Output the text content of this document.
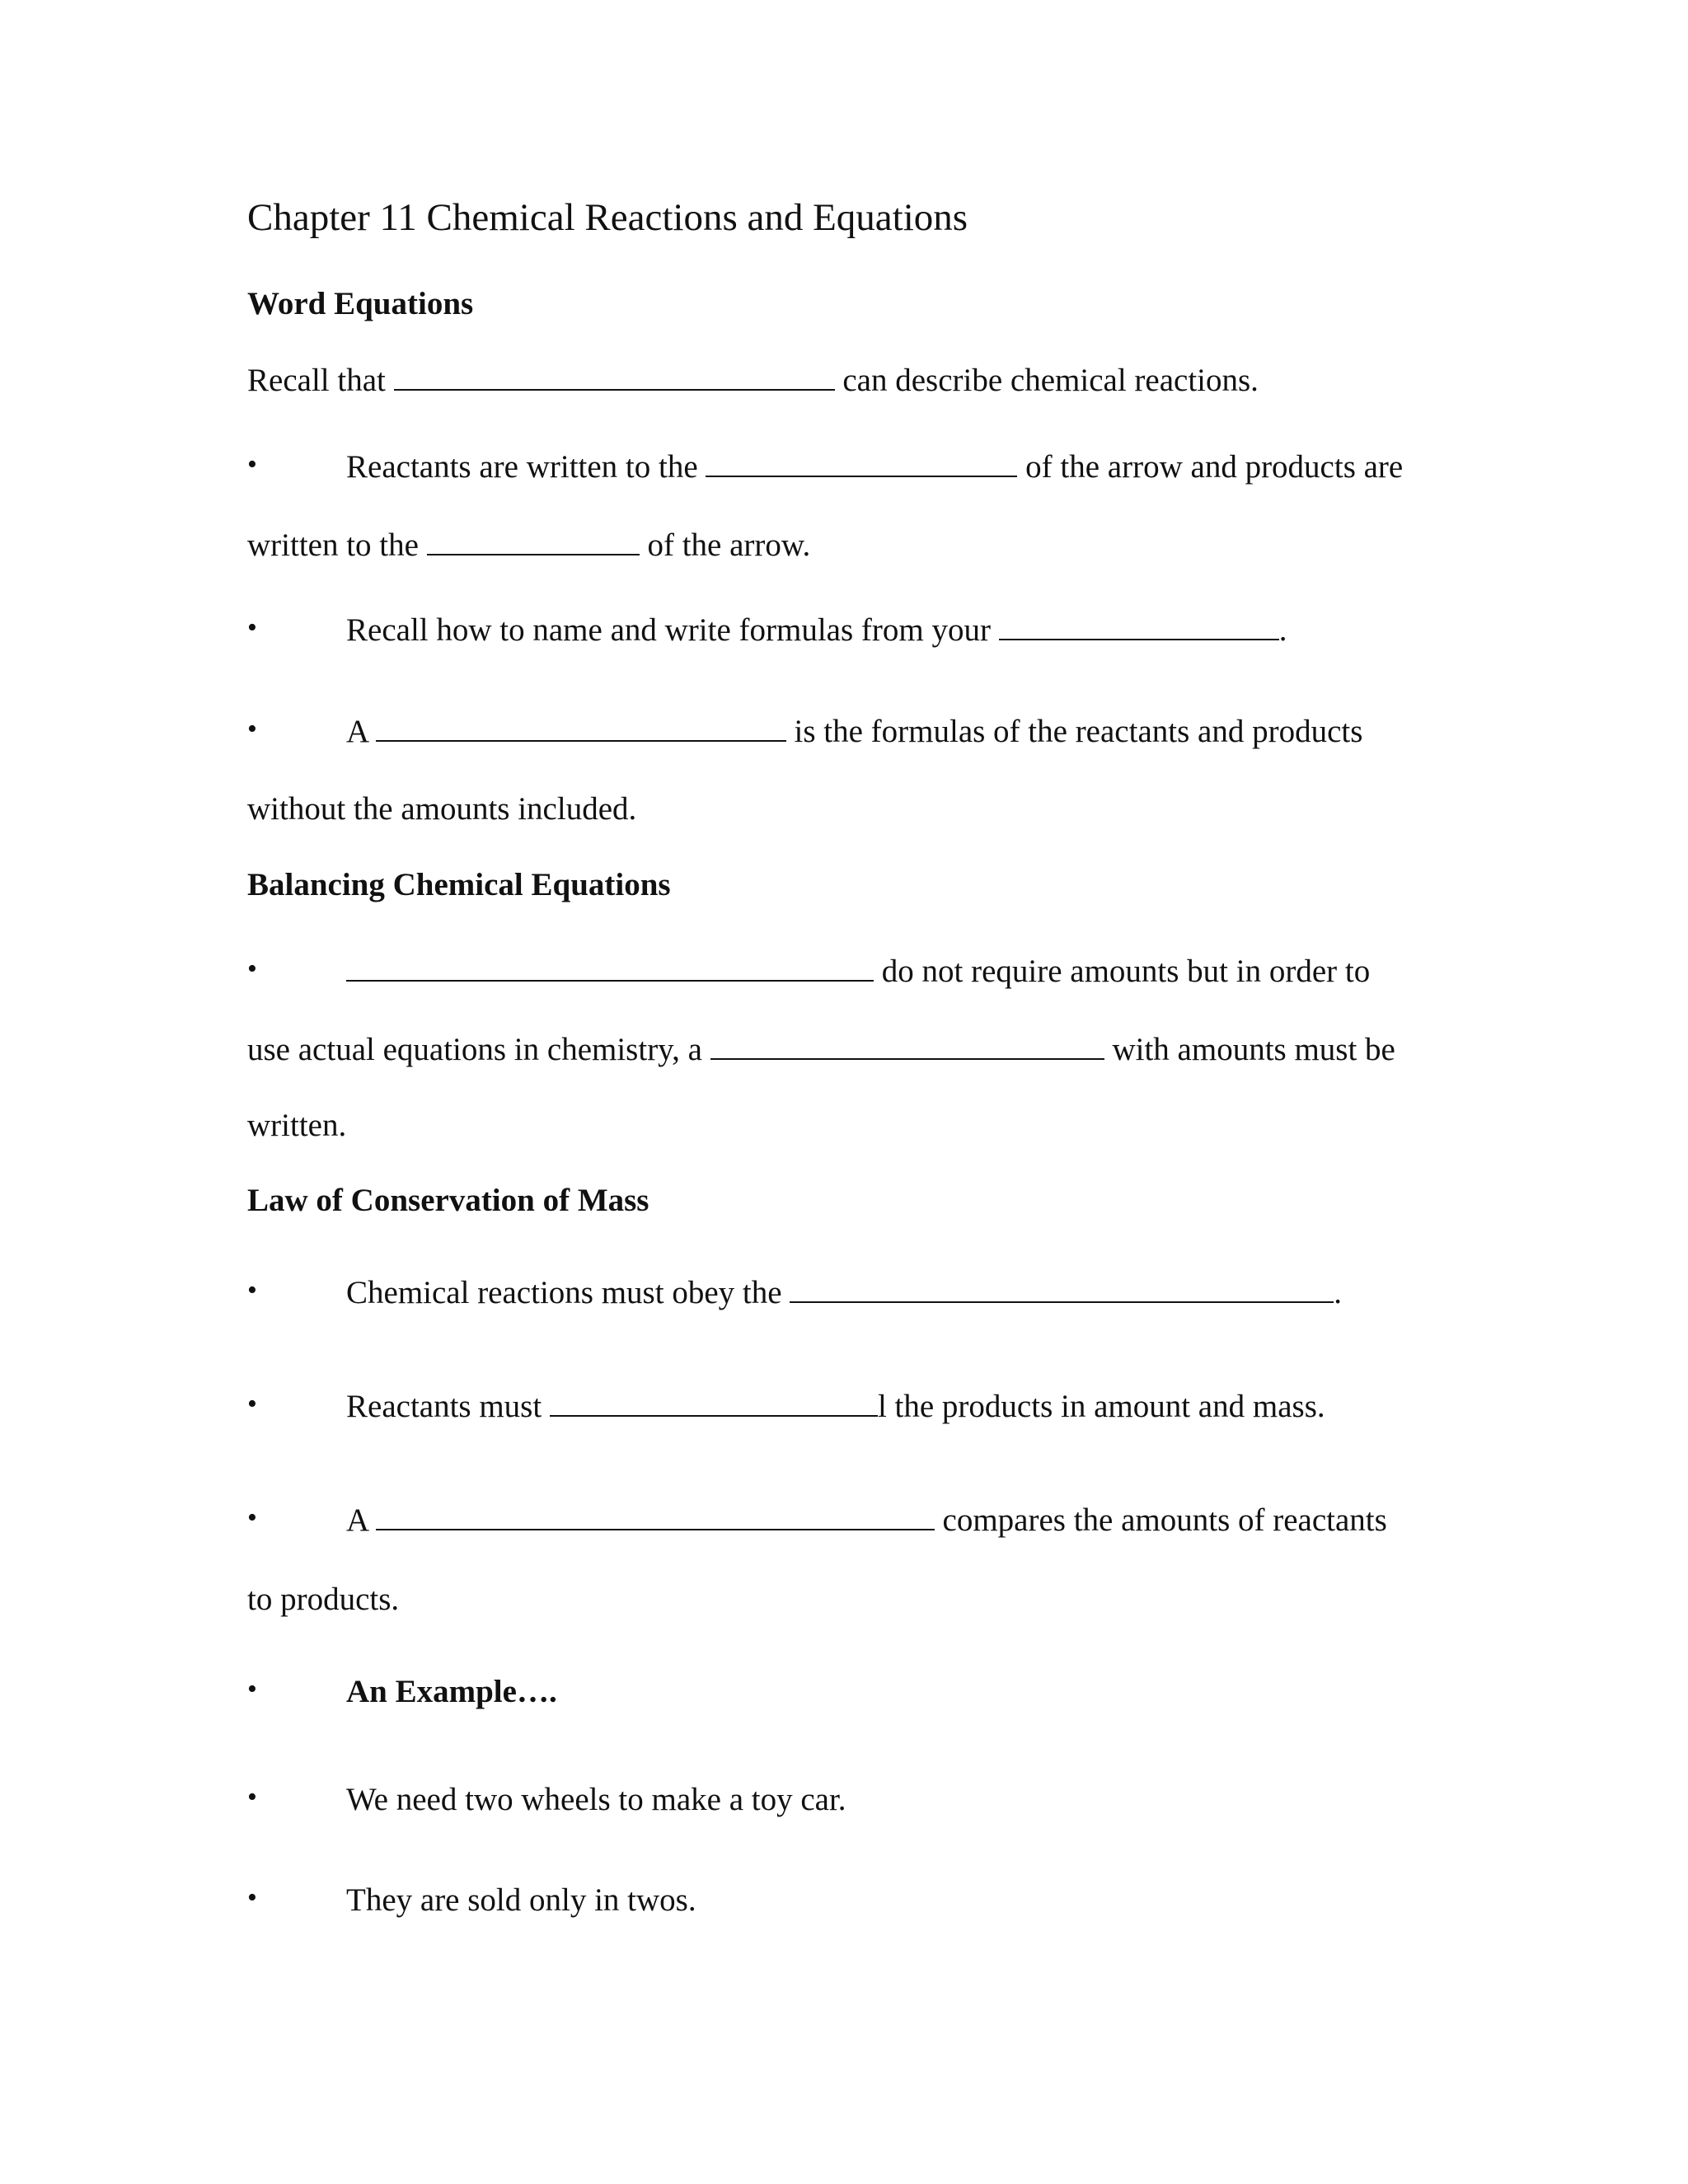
Chapter 11 Chemical Reactions and Equations
Word Equations
Recall that	can describe chemical reactions.
•	Reactants are written to the	of the arrow and products are
written to the	of the arrow.
•	Recall how to name and write formulas from your	.
•	A	is the formulas of the reactants and products
without the amounts included.
Balancing Chemical Equations
•	do not require amounts but in order to
use actual equations in chemistry, a	with amounts must be
written.
Law of Conservation of Mass
•	Chemical reactions must obey the	.
•	Reactants must	l the products in amount and mass.
•	A	compares the amounts of reactants
to products.
•	An Example….
•	We need two wheels to make a toy car.
•	They are sold only in twos.
